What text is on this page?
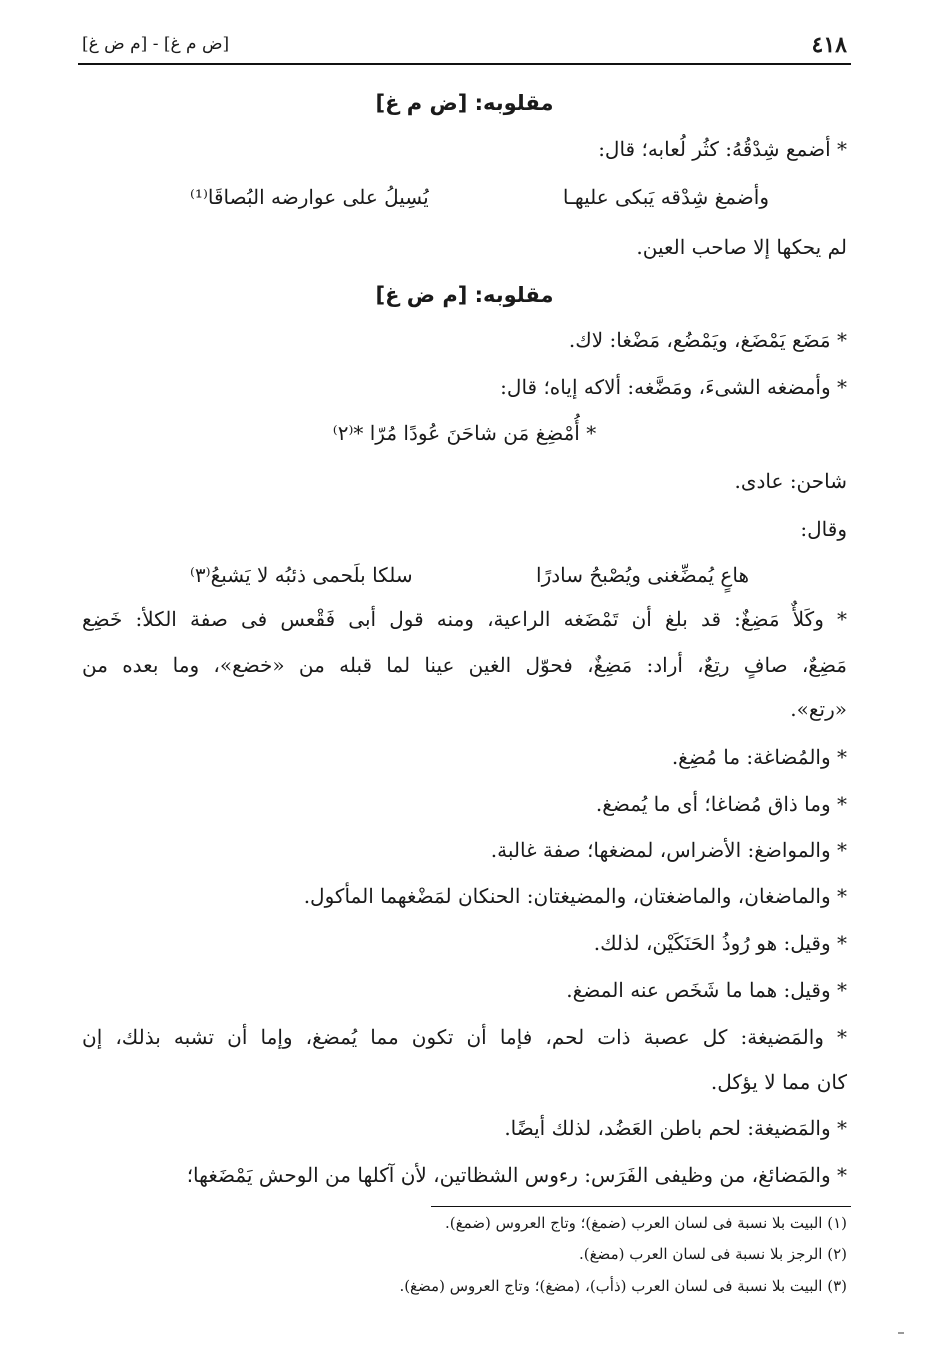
٤١٨
[ض م غ] - [م ض غ]
مقلوبه: [ض م غ]
* أضمع شِدْقُهُ: كثُر لُعابه؛ قال:
وأضمغ شِدْقه يَبكى عليهـا
يُسِيلُ على عوارضه البُصاقَا⁽¹⁾
لم يحكها إلا صاحب العين.
مقلوبه: [م ض غ]
* مَضَع يَمْضَغ، ويَمْضُع، مَضْغا: لاك.
* وأمضغه الشىءَ، ومَضَّغه: ألاكه إياه؛ قال:
* أُمْضِغ مَن شاحَنَ عُودًا مُرّا *⁽٢⁾
شاحن: عادى.
وقال:
هاعٍ يُمضِّغنى ويُصْبحُ سادرًا
سلكا بلَحمى ذئبُه لا يَشبعُ⁽٣⁾
* وكَلأٌ مَضِغٌ: قد بلغ أن تَمْضَغه الراعية، ومنه قول أبى فَقْعس فى صفة الكلأ: خَضِع
مَضِعٌ، صافٍ رتِعٌ، أراد: مَضِغٌ، فحوّل الغين عينا لما قبله من «خضع»، وما بعده من
«رتع».
* والمُضاغة: ما مُضِغ.
* وما ذاق مُضاغا؛ أى ما يُمضغ.
* والمواضغ: الأضراس، لمضغها؛ صفة غالبة.
* والماضغان، والماضغتان، والمضيغتان: الحنكان لمَضْغهما المأكول.
* وقيل: هو رُوذُ الحَنَكَيْن، لذلك.
* وقيل: هما ما شَخَص عنه المضغ.
* والمَضيغة: كل عصبة ذات لحم، فإما أن تكون مما يُمضغ، وإما أن تشبه بذلك، إن
كان مما لا يؤكل.
* والمَضيغة: لحم باطن العَضُد، لذلك أيضًا.
* والمَضائغ، من وظيفى الفَرَس: رءوس الشظاتين، لأن آكلها من الوحش يَمْضَغها؛
(١) البيت بلا نسبة فى لسان العرب (ضمغ)؛ وتاج العروس (ضمغ).
(٢) الرجز بلا نسبة فى لسان العرب (مضغ).
(٣) البيت بلا نسبة فى لسان العرب (ذأب)، (مضغ)؛ وتاج العروس (مضغ).
